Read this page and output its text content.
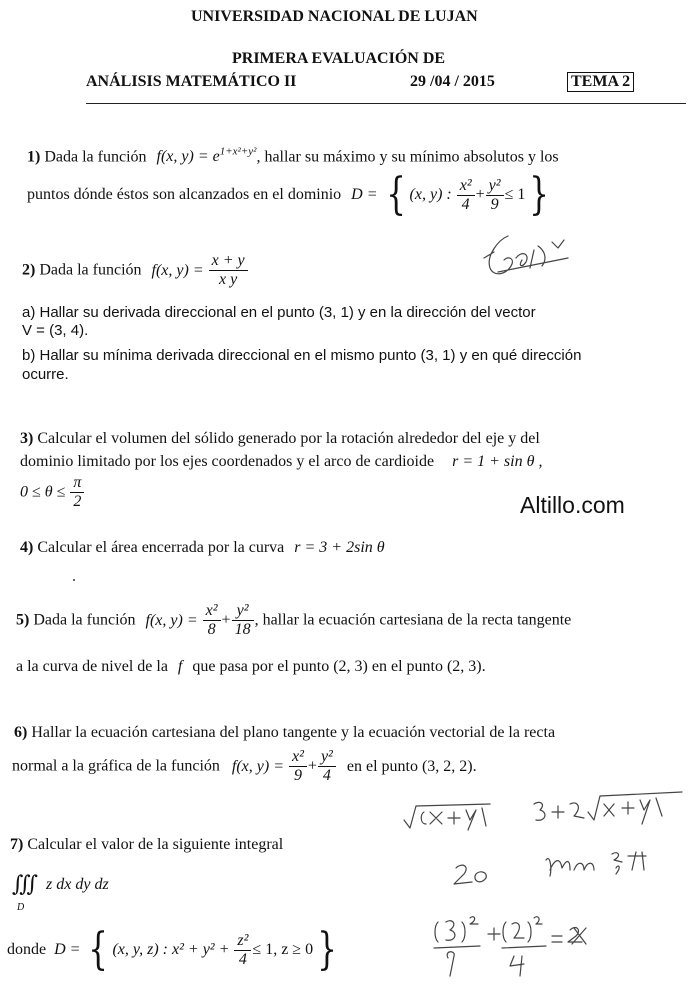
UNIVERSIDAD NACIONAL DE LUJAN
PRIMERA EVALUACIÓN DE
ANÁLISIS MATEMÁTICO II	29 /04 / 2015	TEMA 2
1) Dada la función f(x, $y) = e^{1+x^2+y^2}$, hallar su máximo y su mínimo absolutos y los
puntos dónde éstos son alcanzados en el dominio D = { (x, y) : $\frac{\text{x²}}{4} + \frac{\text{y²}}{9} \le 1$}
2) Dada la función f(x, $y) = \frac{x + y}{\text{x y}}$
a) Hallar su derivada direccional en el punto (3, 1) y en la dirección del vector
V = (3, 4).
b) Hallar su mínima derivada direccional en el mismo punto (3, 1) y en qué dirección
ocurre.
3) Calcular el volumen del sólido generado por la rotación alrededor del eje y del
dominio limitado por los ejes coordenados y el arco de cardioide r = 1 + sin θ ,
$0 \le \theta \le \frac{\pi}{2}$	Altillo.com
4) Calcular el área encerrada por la curva r = 3 + 2sin θ
5) Dada la función f(x, $y) = \frac{\text{x²}}{8} + \frac{\text{y²}}{18}$ , hallar la ecuación cartesiana de la recta tangente
a la curva de nivel de la f que pasa por el punto (2, 3) en el punto (2, 3).
6) Hallar la ecuación cartesiana del plano tangente y la ecuación vectorial de la recta
normal a la gráfica de la función f(x, $y) = \frac{\text{x²}}{9} + \frac{\text{y²}}{4}$ en el punto (3, 2, 2).
7) Calcular el valor de la siguiente integral
∭ z dx dy dz
D
donde D = { (x, y, z) : $x^2 + y^2 + \frac{\text{z²}}{4} \le 1$, z ≥ 0}
